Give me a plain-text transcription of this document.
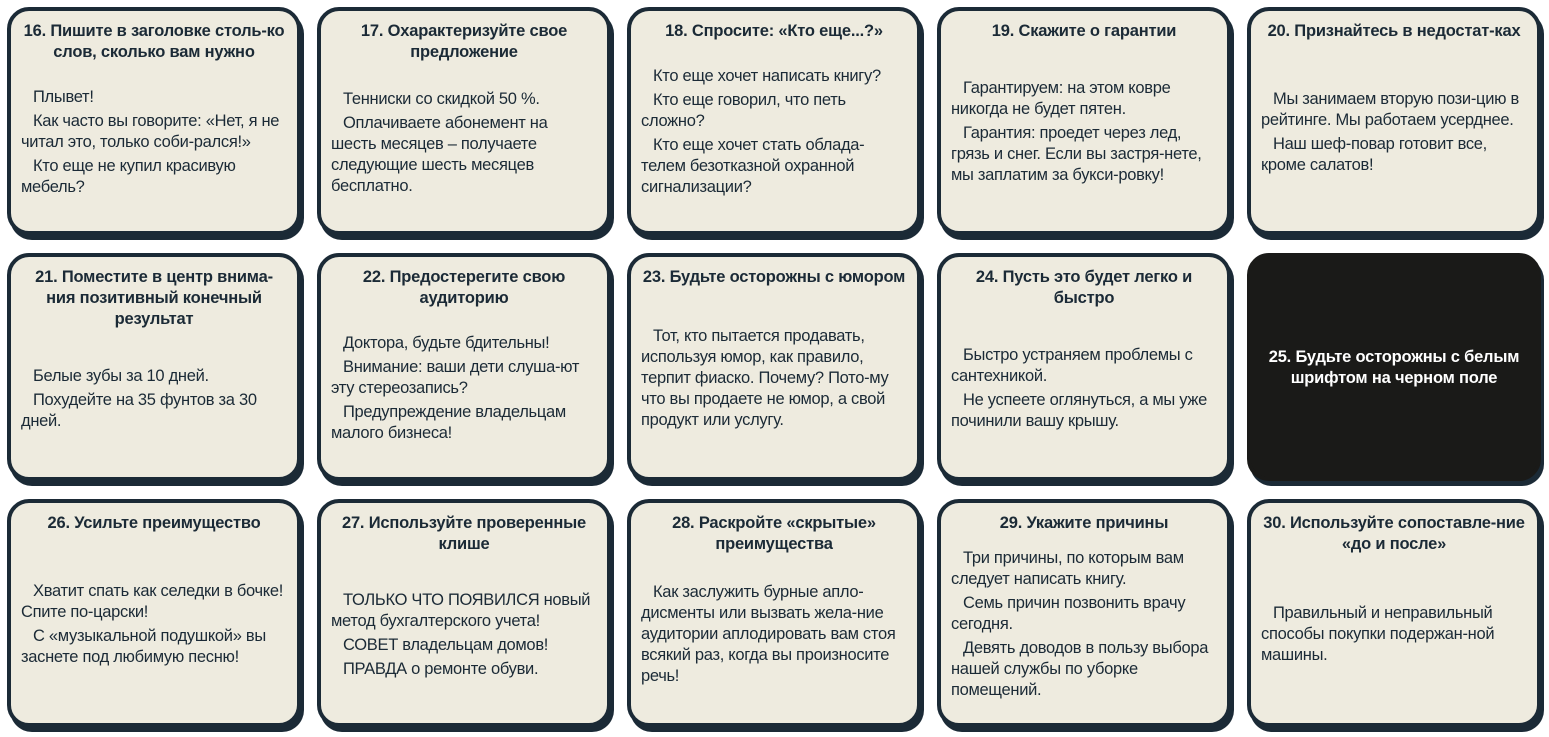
16. Пишите в заголовке столь-ко слов, сколько вам нужно

Плывет!

Как часто вы говорите: «Нет, я не читал это, только соби-рался!»

Кто еще не купил красивую мебель?

17. Охарактеризуйте свое предложение

Тенниски со скидкой 50 %.

Оплачиваете абонемент на шесть месяцев – получаете следующие шесть месяцев бесплатно.

18. Спросите: «Кто еще...?»

Кто еще хочет написать книгу?

Кто еще говорил, что петь сложно?

Кто еще хочет стать облада-телем безотказной охранной сигнализации?

19. Скажите о гарантии

Гарантируем: на этом ковре никогда не будет пятен.

Гарантия: проедет через лед, грязь и снег. Если вы застря-нете, мы заплатим за букси-ровку!

20. Признайтесь в недостат-ках

Мы занимаем вторую пози-цию в рейтинге. Мы работаем усерднее.

Наш шеф-повар готовит все, кроме салатов!

21. Поместите в центр внима-ния позитивный конечный результат

Белые зубы за 10 дней.

Похудейте на 35 фунтов за 30 дней.

22. Предостерегите свою аудиторию

Доктора, будьте бдительны!

Внимание: ваши дети слуша-ют эту стереозапись?

Предупреждение владельцам малого бизнеса!

23. Будьте осторожны с юмором

Тот, кто пытается продавать, используя юмор, как правило, терпит фиаско. Почему? Пото-му что вы продаете не юмор, а свой продукт или услугу.

24. Пусть это будет легко и быстро

Быстро устраняем проблемы с сантехникой.

Не успеете оглянуться, а мы уже починили вашу крышу.

25. Будьте осторожны с белым шрифтом на черном поле
26. Усильте преимущество

Хватит спать как селедки в бочке! Спите по-царски!

С «музыкальной подушкой» вы заснете под любимую песню!

27. Используйте проверенные клише

ТОЛЬКО ЧТО ПОЯВИЛСЯ новый метод бухгалтерского учета!

СОВЕТ владельцам домов!

ПРАВДА о ремонте обуви.

28. Раскройте «скрытые» преимущества

Как заслужить бурные апло-дисменты или вызвать жела-ние аудитории аплодировать вам стоя всякий раз, когда вы произносите речь!

29. Укажите причины

Три причины, по которым вам следует написать книгу.

Семь причин позвонить врачу сегодня.

Девять доводов в пользу выбора нашей службы по уборке помещений.

30. Используйте сопоставле-ние «до и после»

Правильный и неправильный способы покупки подержан-ной машины.
